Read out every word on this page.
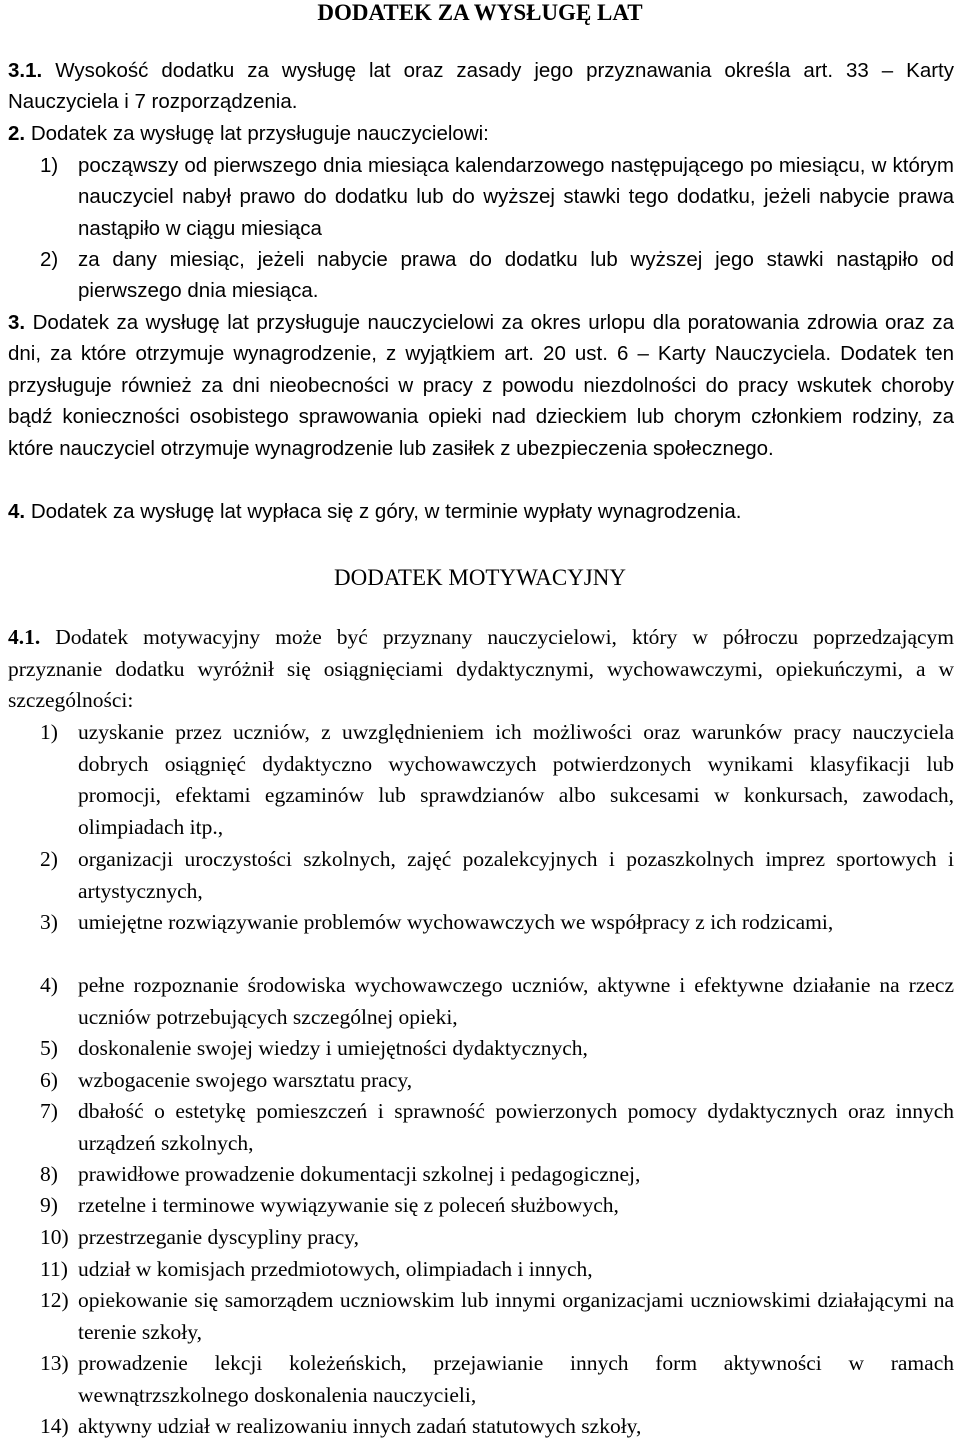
DODATEK ZA WYSŁUGĘ LAT

3.1. Wysokość dodatku za wysługę lat oraz zasady jego przyznawania określa art. 33 – Karty Nauczyciela i 7 rozporządzenia.

2. Dodatek za wysługę lat przysługuje nauczycielowi:

1) począwszy od pierwszego dnia miesiąca kalendarzowego następującego po miesiącu, w którym nauczyciel nabył prawo do dodatku lub do wyższej stawki tego dodatku, jeżeli nabycie prawa nastąpiło w ciągu miesiąca
2) za dany miesiąc, jeżeli nabycie prawa do dodatku lub wyższej jego stawki nastąpiło od pierwszego dnia miesiąca.

3. Dodatek za wysługę lat przysługuje nauczycielowi za okres urlopu dla poratowania zdrowia oraz za dni, za które otrzymuje wynagrodzenie, z wyjątkiem art. 20 ust. 6 – Karty Nauczyciela. Dodatek ten przysługuje również za dni nieobecności w pracy z powodu niezdolności do pracy wskutek choroby bądź konieczności osobistego sprawowania opieki nad dzieckiem lub chorym członkiem rodziny, za które nauczyciel otrzymuje wynagrodzenie lub zasiłek z ubezpieczenia społecznego.

4. Dodatek za wysługę lat wypłaca się z góry, w terminie wypłaty wynagrodzenia.

DODATEK MOTYWACYJNY

4.1. Dodatek motywacyjny może być przyznany nauczycielowi, który w półroczu poprzedzającym przyznanie dodatku wyróżnił się osiągnięciami dydaktycznymi, wychowawczymi, opiekuńczymi, a w szczególności:

1) uzyskanie przez uczniów, z uwzględnieniem ich możliwości oraz warunków pracy nauczyciela dobrych osiągnięć dydaktyczno wychowawczych potwierdzonych wynikami klasyfikacji lub promocji, efektami egzaminów lub sprawdzianów albo sukcesami w konkursach, zawodach, olimpiadach itp.,
2) organizacji uroczystości szkolnych, zajęć pozalekcyjnych i pozaszkolnych imprez sportowych i artystycznych,
3) umiejętne rozwiązywanie problemów wychowawczych we współpracy z ich rodzicami,
4) pełne rozpoznanie środowiska wychowawczego uczniów, aktywne i efektywne działanie na rzecz uczniów potrzebujących szczególnej opieki,
5) doskonalenie swojej wiedzy i umiejętności dydaktycznych,
6) wzbogacenie swojego warsztatu pracy,
7) dbałość o estetykę pomieszczeń i sprawność powierzonych pomocy dydaktycznych oraz innych urządzeń szkolnych,
8) prawidłowe prowadzenie dokumentacji szkolnej i pedagogicznej,
9) rzetelne i terminowe wywiązywanie się z poleceń służbowych,
10) przestrzeganie dyscypliny pracy,
11) udział w komisjach przedmiotowych, olimpiadach i innych,
12) opiekowanie się samorządem uczniowskim lub innymi organizacjami uczniowskimi działającymi na terenie szkoły,
13) prowadzenie lekcji koleżeńskich, przejawianie innych form aktywności w ramach wewnątrzszkolnego doskonalenia nauczycieli,
14) aktywny udział w realizowaniu innych zadań statutowych szkoły,
